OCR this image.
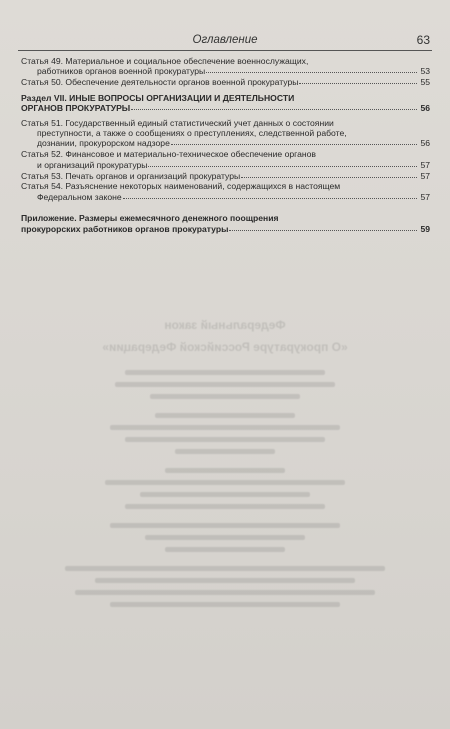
Оглавление	63
Статья 49. Материальное и социальное обеспечение военнослужащих,
работников органов военной прокуратуры	53
Статья 50. Обеспечение деятельности органов военной прокуратуры	55
Раздел VII. ИНЫЕ ВОПРОСЫ ОРГАНИЗАЦИИ И ДЕЯТЕЛЬНОСТИ
ОРГАНОВ ПРОКУРАТУРЫ	56
Статья 51. Государственный единый статистический учет данных о состоянии
преступности, а также о сообщениях о преступлениях, следственной работе,
дознании, прокурорском надзоре	56
Статья 52. Финансовое и материально-техническое обеспечение органов
и организаций прокуратуры	57
Статья 53. Печать органов и организаций прокуратуры	57
Статья 54. Разъяснение некоторых наименований, содержащихся в настоящем
Федеральном законе	57
Приложение. Размеры ежемесячного денежного поощрения
прокурорских работников органов прокуратуры	59
Федеральный закон
«О прокуратуре Российской Федерации»
